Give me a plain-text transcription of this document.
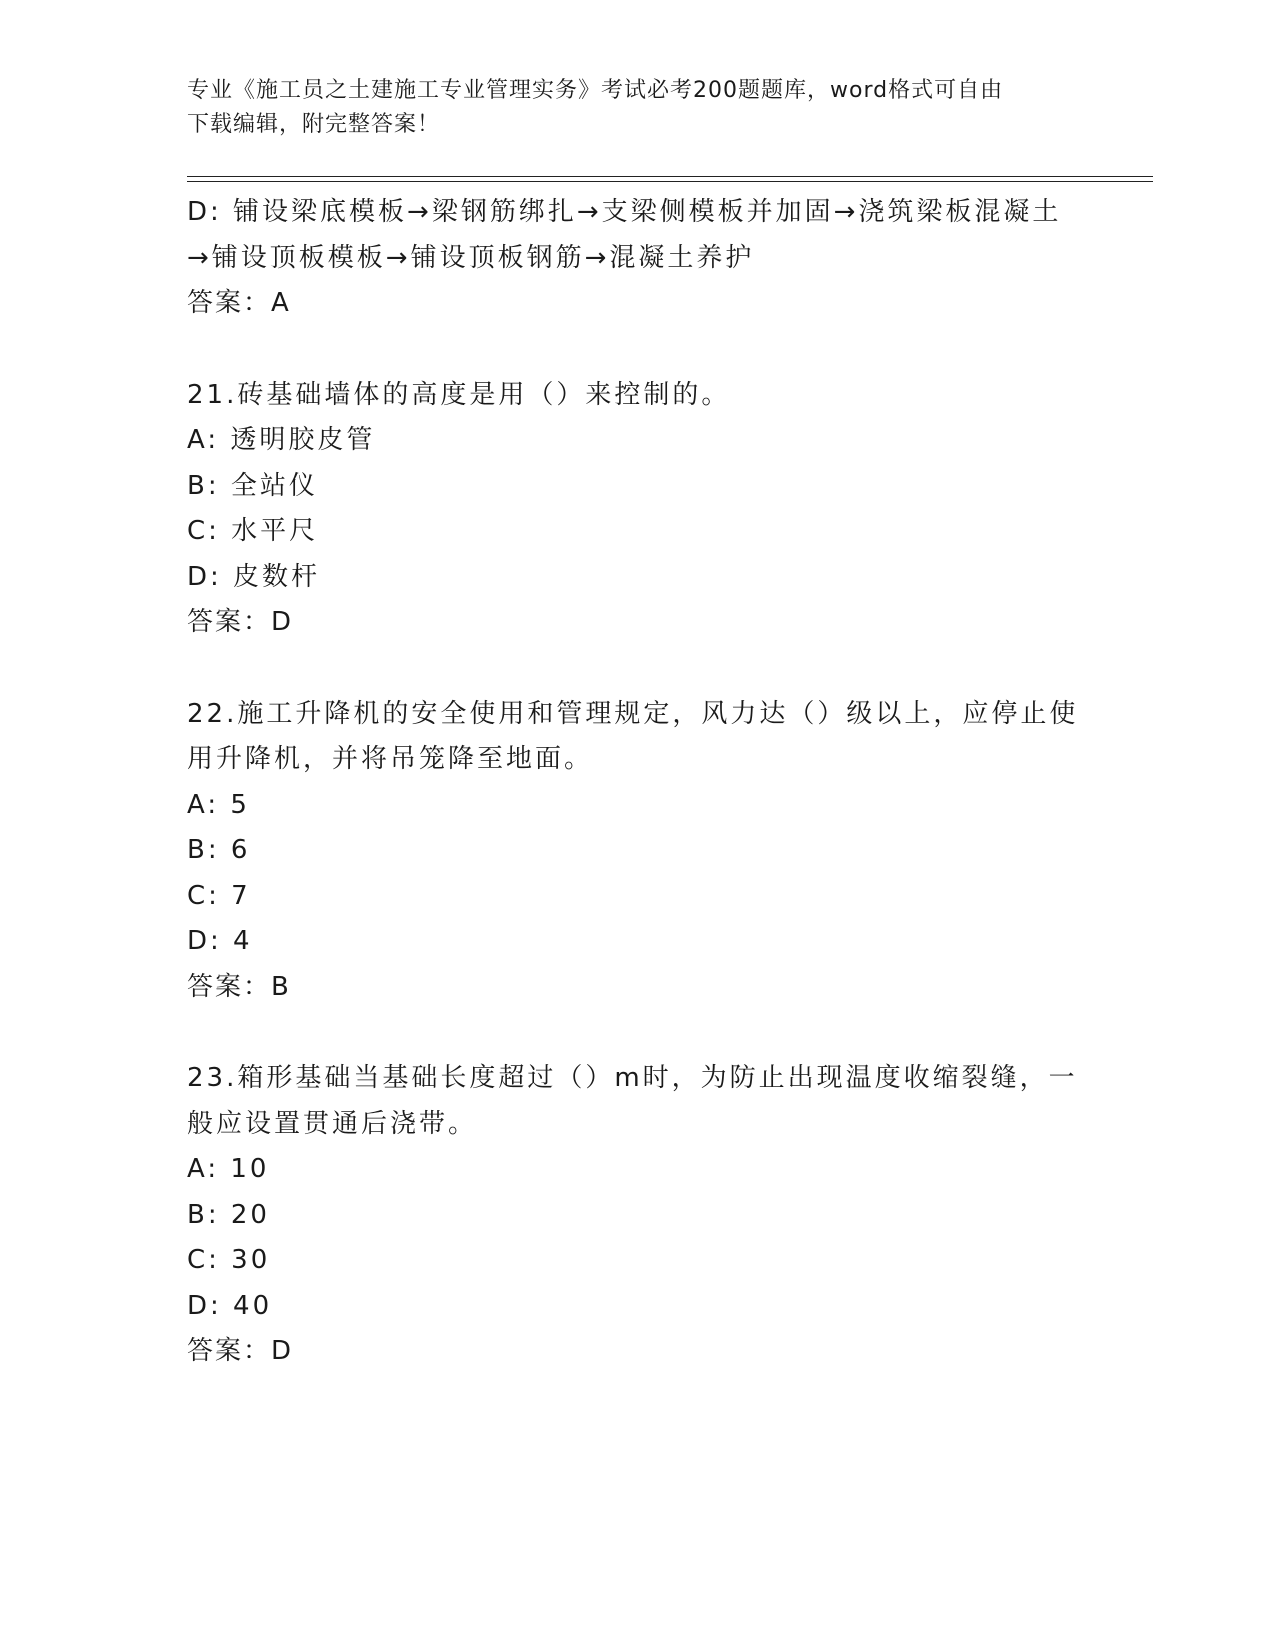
专业《施工员之土建施工专业管理实务》考试必考200题题库，word格式可自由
下载编辑，附完整答案！
D: 铺设梁底模板→梁钢筋绑扎→支梁侧模板并加固→浇筑梁板混凝土
→铺设顶板模板→铺设顶板钢筋→混凝土养护
答案：A
21.砖基础墙体的高度是用（）来控制的。
A: 透明胶皮管
B: 全站仪
C: 水平尺
D: 皮数杆
答案：D
22.施工升降机的安全使用和管理规定，风力达（）级以上，应停止使
用升降机，并将吊笼降至地面。
A: 5
B: 6
C: 7
D: 4
答案：B
23.箱形基础当基础长度超过（）m时，为防止出现温度收缩裂缝，一
般应设置贯通后浇带。
A: 10
B: 20
C: 30
D: 40
答案：D
